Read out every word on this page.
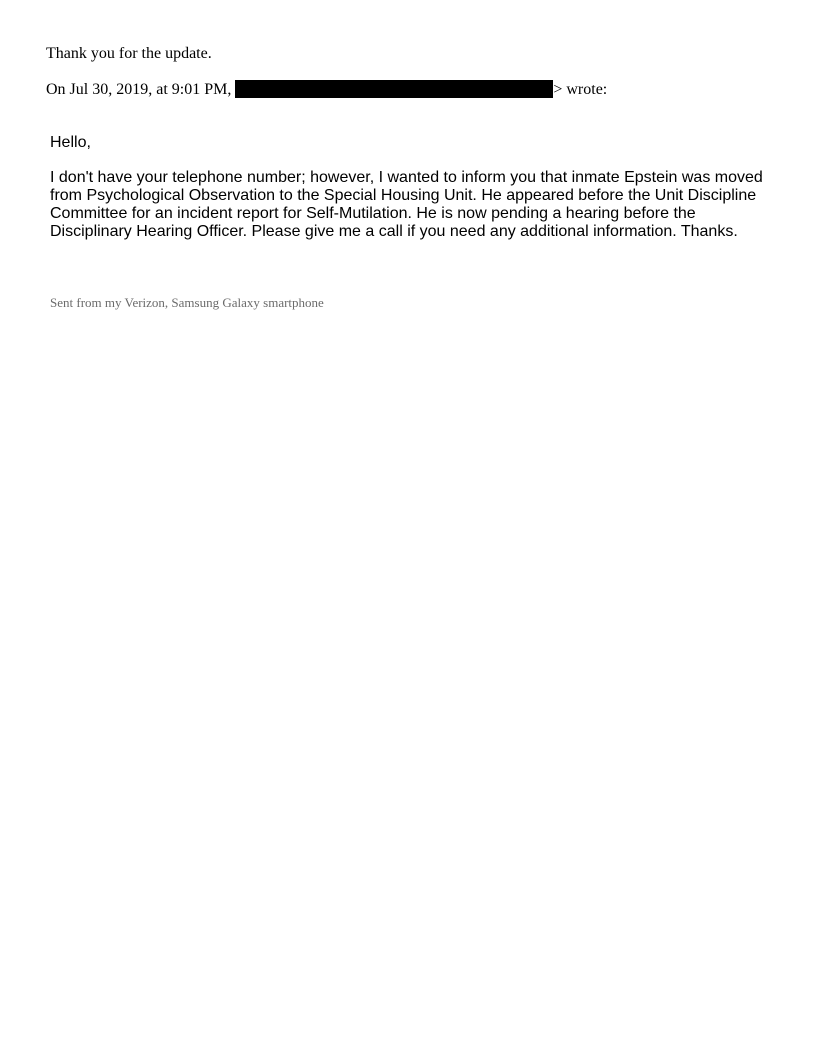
Thank you for the update.

On Jul 30, 2019, at 9:01 PM,	> wrote:

Hello,

I don't have your telephone number; however, I wanted to inform you that inmate Epstein was moved
from Psychological Observation to the Special Housing Unit. He appeared before the Unit Discipline
Committee for an incident report for Self-Mutilation. He is now pending a hearing before the
Disciplinary Hearing Officer. Please give me a call if you need any additional information. Thanks.

Sent from my Verizon, Samsung Galaxy smartphone
